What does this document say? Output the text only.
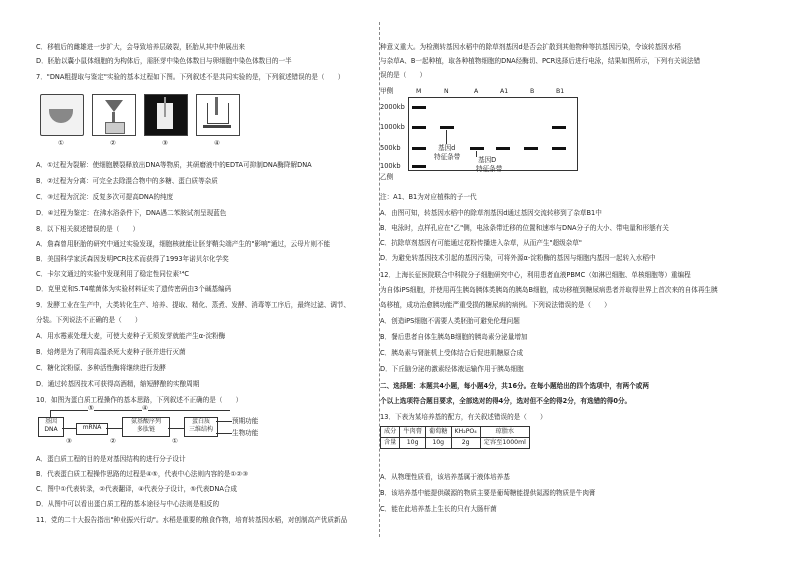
C．移植后的雌雄进一步扩大，会导致培养层破裂，胚胎从其中伸展出来
D．胚胎以囊小鼠体细胞的为构体后，需胚芽中染色体数目与卵细胞中染色体数目的一半
7．"DNA粗提取与鉴定"实验的基本过程如下图。下列叙述不是共同实验的是，下列叙述错误的是（　　）
①	②	③	④
A．①过程为裂解：使细胞膜裂释放出DNA等物质，其研磨液中的EDTA可抑制DNA酶降解DNA
B．②过程为分离：可完全去除混合物中的多糖、蛋白质等杂质
C．③过程为沉淀：反复多次可提高DNA的纯度
D．④过程为鉴定：在沸水浴条件下，DNA遇二苯胺试剂呈现蓝色
8．以下相关叙述错误的是（　　）
A．詹森曾用胚胎的研究中通过实验发现，细胞核就能让胚芽鞘尖端产生的"影响"通过，云母片则不能
B．美国科学家沃森因发明PCR技术而获得了1993年诺贝尔化学奖
C．卡尔文通过的实验中发现利用了稳定性同位素¹⁴C
D．克里克和S.T4噬菌体为实验材料证实了遗传密码由3个碱基编码
9．发酵工业在生产中，大类转化生产、培养、提取、精化、蒸煮、发酵、消毒等工序后，最终过滤、调节、
分装。下列说法不正确的是（　　）
A．用水霉素处理大麦，可使大麦种子无须发芽就能产生α-淀粉酶
B．焙烤是为了利用高温杀死大麦种子胚并进行灭菌
C．糖化淀粉原、多种活性酶将继续进行发酵
D．通过转基因技术可获得高酒精，缩短酵酿的实酿周期
10．如图为蛋白质工程操作的基本思路，下列叙述不正确的是（　　）
基因
DNA	mRNA
氨基酸序列
多肽链
蛋白质
三维结构
预期功能
生物功能
⑤	④
③	②	①
A．蛋白质工程的目的是对基因结构的进行分子设计
B．代表蛋白质工程操作思路的过程是④⑤，代表中心法则内容的是①②③
C．图中①代表转录，②代表翻译，④代表分子设计，⑤代表DNA合成
D．从图中可以看出蛋白质工程的基本途径与中心法则是相反的
11．党的二十大报告指出"种业振兴行动"。水稻是重要的粮食作物，培育转基因水稻，对创制高产优质新品
种意义重大。为检测转基因水稻中的除草剂基因d是否会扩散到其他物种等抗基因污染，令该转基因水稻
与杂草A、B一起种植，取各种植物细胞的DNA经酶切、PCR选择后进行电泳，结果如图所示，下列有关说法错
误的是（　　）
甲侧	M	N	A	A1	B	B1
2000kb
1000kb
500kb
100kb
基因d
特征条带	基因D
特征条带
乙侧
注：A1、B1为对应植株的子一代
A．由图可知，转基因水稻中的除草剂基因d通过基因交流转移到了杂草B1中
B．电泳时，点样孔应在"乙"侧，电泳条带迁移的位置和速率与DNA分子的大小、带电量和形態有关
C．抗除草剂基因有可能通过花粉传播进入杂草，从而产生"超级杂草"
D．为避免转基因技术引起的基因污染，可将外源α-淀粉酶的基因与细胞内基因一起转入水稻中
12．上海长征医院联合中科院分子细胞研究中心，利用患者血液PBMC（如淋巴细胞、单核细胞等）重编程
为自体iPS细胞，并使用再生胰岛胰体类胰岛的胰岛B细胞，成功移植到糖尿病患者并取得世界上首次来的自体再生胰
岛移植，成功治愈胰功能严重受损的糖尿病的病例。下列说法错误的是（　　）
A．创造iPS细胞不需要人类胚胎可避免伦理问题
B．餐后患者自体生胰岛B细胞的胰岛素分泌量增加
C．胰岛素与肾脏机上受体结合后促进肌糖原合成
D．下丘脑分泌的激素经体液运输作用于胰岛细胞
二、选择题：本题共4小题，每小题4分，共16分。在每小题给出的四个选项中，有两个或两
个以上选项符合题目要求，全部选对的得4分，选对但不全的得2分，有选错的得0分。
13．下表为某培养基的配方，有关叙述错误的是（　　）
成分	牛肉膏	葡萄糖	KH₂PO₄	琼脂水
含量	10g	10g	2g	定容至1000ml
A．从物理性质看，该培养基属于液体培养基
B．该培养基中能提供碳源的物质主要是葡萄糖能提供氮源的物质是牛肉膏
C．能在此培养基上生长的只有大肠杆菌
